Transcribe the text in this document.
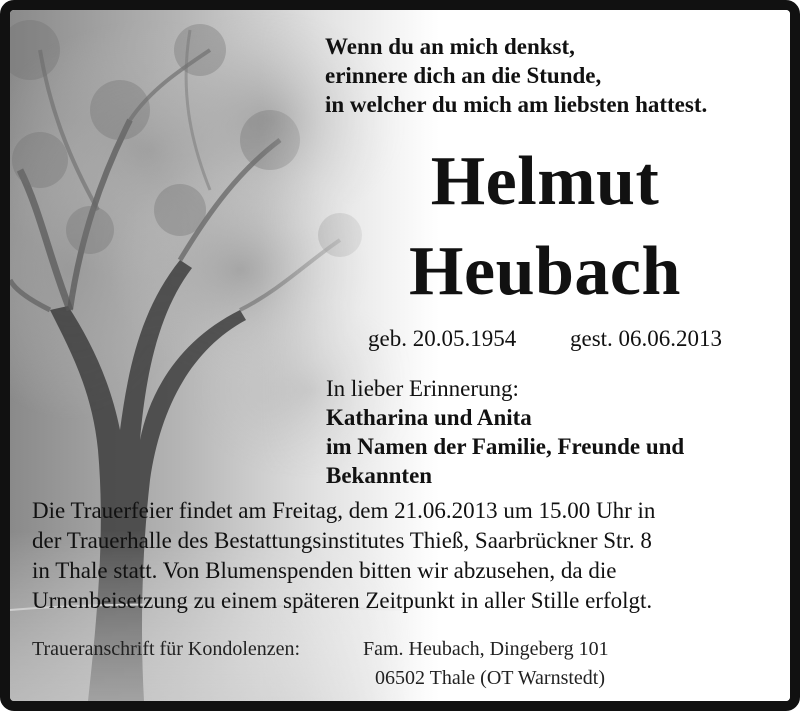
Wenn du an mich denkst,
erinnere dich an die Stunde,
in welcher du mich am liebsten hattest.
Helmut
Heubach
geb. 20.05.1954 gest. 06.06.2013
In lieber Erinnerung:
Katharina und Anita
im Namen der Familie, Freunde und
Bekannten
Die Trauerfeier findet am Freitag, dem 21.06.2013 um 15.00 Uhr in
der Trauerhalle des Bestattungsinstitutes Thieß, Saarbrückner Str. 8
in Thale statt. Von Blumenspenden bitten wir abzusehen, da die
Urnenbeisetzung zu einem späteren Zeitpunkt in aller Stille erfolgt.
Traueranschrift für Kondolenzen:	Fam. Heubach, Dingeberg 101
06502 Thale (OT Warnstedt)
